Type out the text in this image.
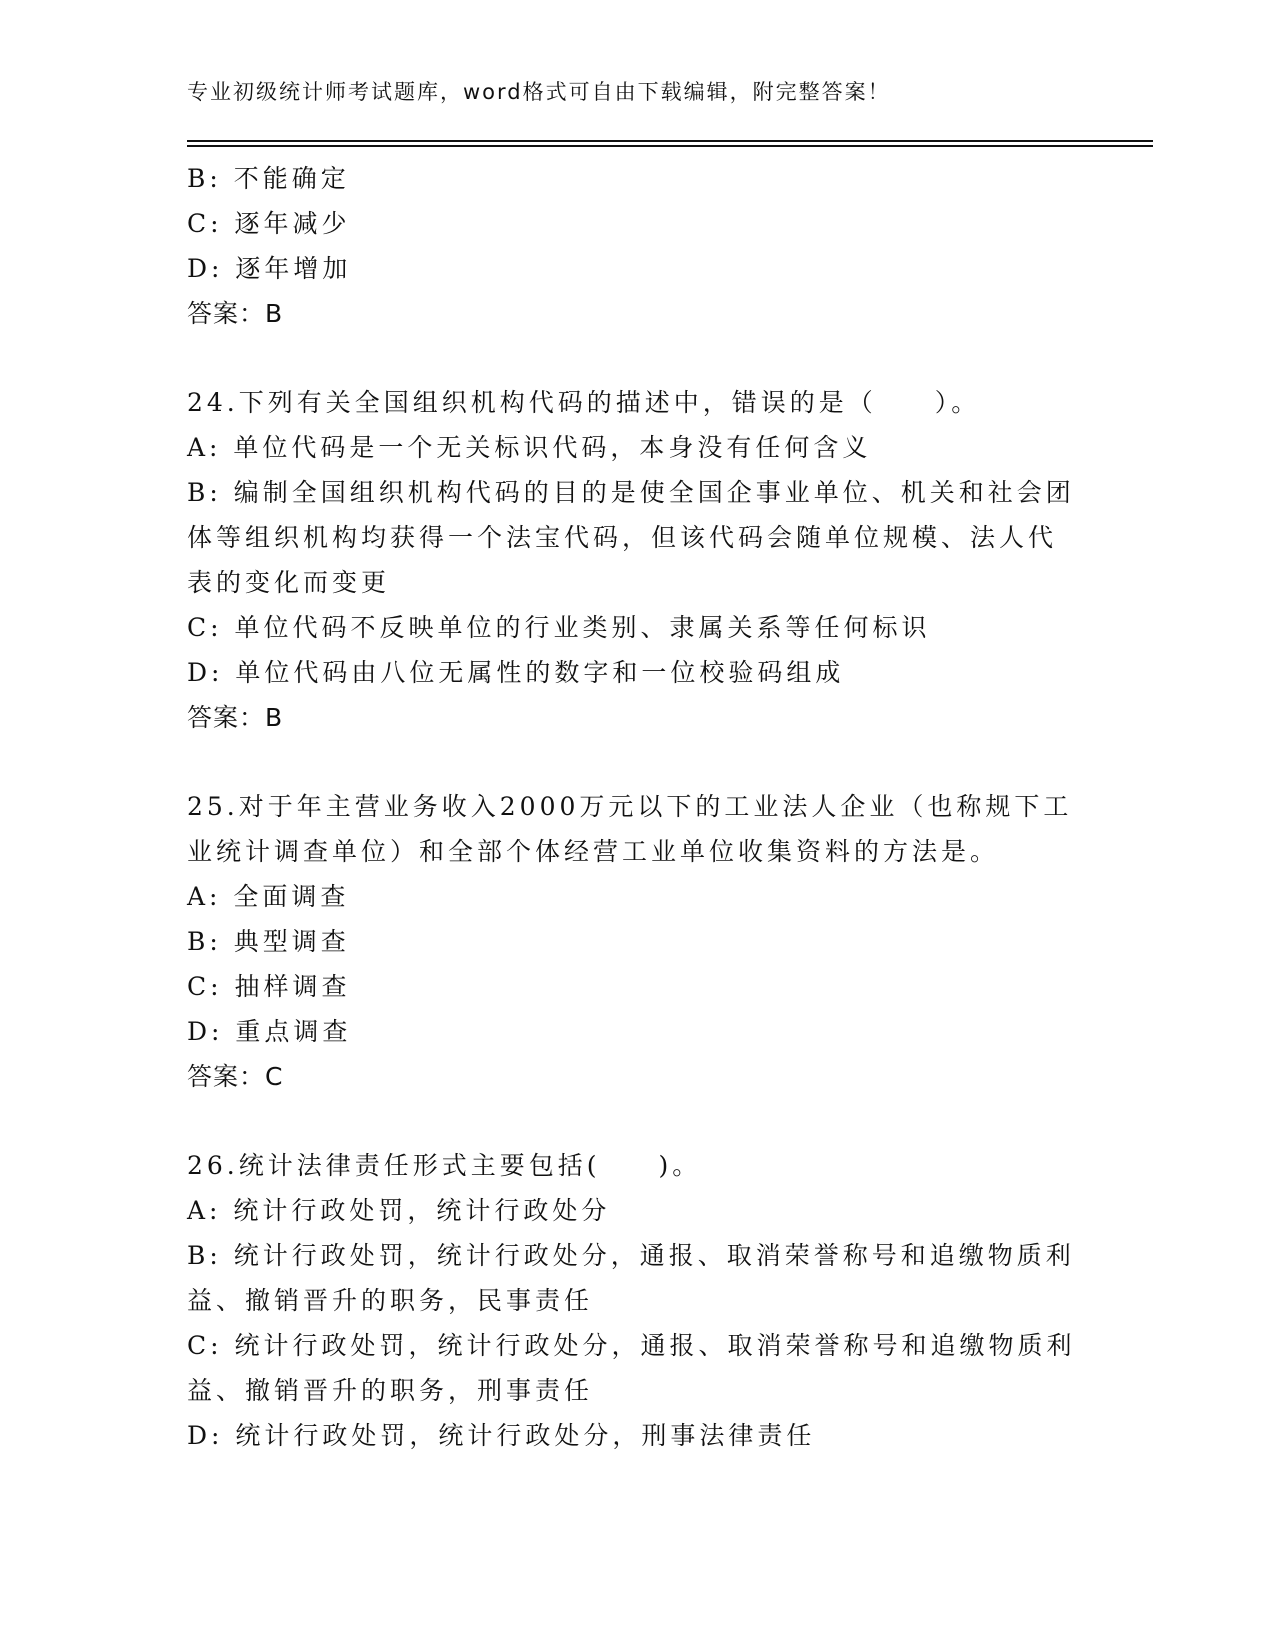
专业初级统计师考试题库，word格式可自由下载编辑，附完整答案！
B: 不能确定
C: 逐年减少
D: 逐年增加
答案：B
24.下列有关全国组织机构代码的描述中，错误的是（　　）。
A: 单位代码是一个无关标识代码，本身没有任何含义
B: 编制全国组织机构代码的目的是使全国企事业单位、机关和社会团
体等组织机构均获得一个法宝代码，但该代码会随单位规模、法人代
表的变化而变更
C: 单位代码不反映单位的行业类别、隶属关系等任何标识
D: 单位代码由八位无属性的数字和一位校验码组成
答案：B
25.对于年主营业务收入2000万元以下的工业法人企业（也称规下工
业统计调查单位）和全部个体经营工业单位收集资料的方法是。
A: 全面调查
B: 典型调查
C: 抽样调查
D: 重点调查
答案：C
26.统计法律责任形式主要包括(　　)。
A: 统计行政处罚，统计行政处分
B: 统计行政处罚，统计行政处分，通报、取消荣誉称号和追缴物质利
益、撤销晋升的职务，民事责任
C: 统计行政处罚，统计行政处分，通报、取消荣誉称号和追缴物质利
益、撤销晋升的职务，刑事责任
D: 统计行政处罚，统计行政处分，刑事法律责任
